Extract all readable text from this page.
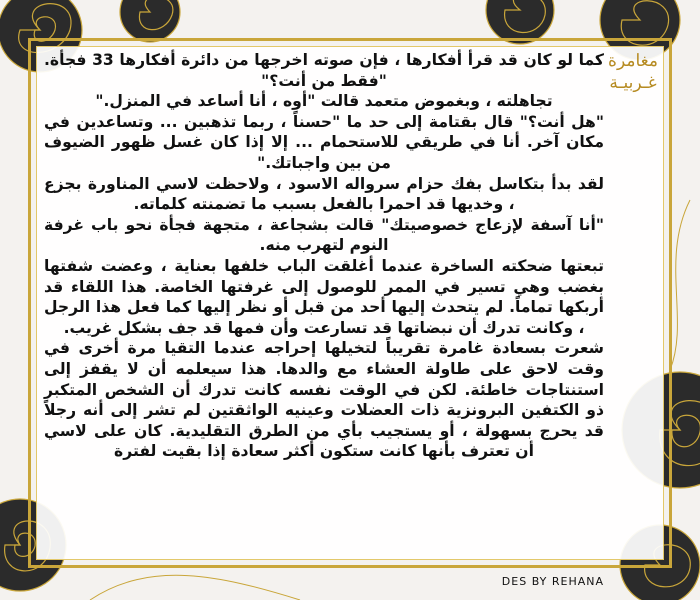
مغامرة
غـربيـة

كما لو كان قد قرأ أفكارها ، فإن صوته اخرجها من دائرة أفكارها 33 فجأة. "فقط من أنت؟"

تجاهلته ، وبغموض متعمد قالت "أوه ، أنا أساعد في المنزل."

"هل أنت؟" قال بقتامة إلى حد ما "حسناً ، ربما تذهبين ... وتساعدين في مكان آخر. أنا في طريقي للاستحمام ... إلا إذا كان غسل ظهور الضيوف من بين واجباتك."

لقد بدأ بتكاسل بفك حزام سرواله الاسود ، ولاحظت لاسي المناورة بجزع ، وخديها قد احمرا بالفعل بسبب ما تضمنته كلماته.

"أنا آسفة لإزعاج خصوصيتك" قالت بشجاعة ، متجهة فجأة نحو باب غرفة النوم لتهرب منه.

تبعتها ضحكته الساخرة عندما أغلقت الباب خلفها بعناية ، وعضت شفتها بغضب وهي تسير في الممر للوصول إلى غرفتها الخاصة. هذا اللقاء قد أربكها تماماً. لم يتحدث إليها أحد من قبل أو نظر إليها كما فعل هذا الرجل ، وكانت تدرك أن نبضاتها قد تسارعت وأن فمها قد جف بشكل غريب.

شعرت بسعادة غامرة تقريباً لتخيلها إحراجه عندما التقيا مرة أخرى في وقت لاحق على طاولة العشاء مع والدها. هذا سيعلمه أن لا يقفز إلى استنتاجات خاطئة. لكن في الوقت نفسه كانت تدرك أن الشخص المتكبر ذو الكتفين البرونزية ذات العضلات وعينيه الواثقتين لم تشر إلى أنه رجلاً قد يحرج بسهولة ، أو يستجيب بأي من الطرق التقليدية. كان على لاسي أن تعترف بأنها كانت ستكون أكثر سعادة إذا بقيت لفترة

DES BY REHANA
